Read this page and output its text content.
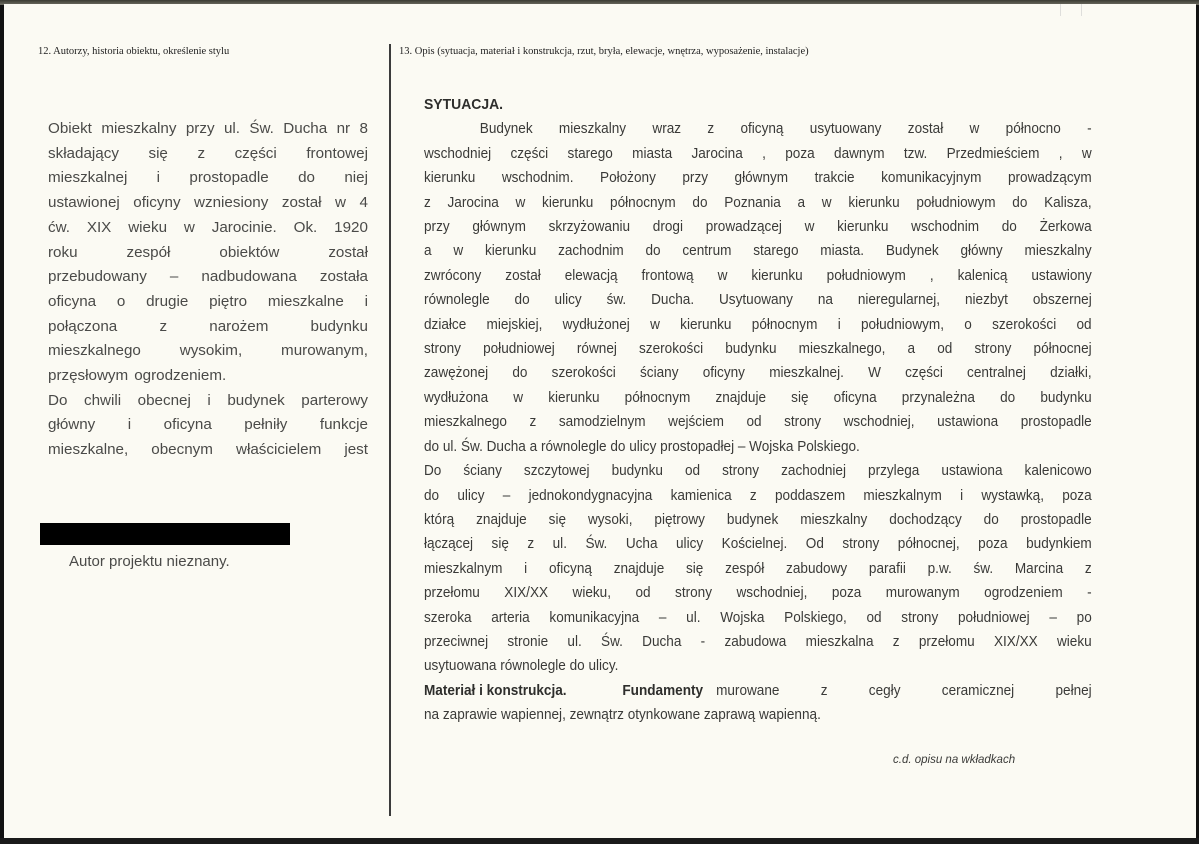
12. Autorzy, historia obiektu, określenie stylu	13. Opis (sytuacja, materiał i konstrukcja, rzut, bryła, elewacje, wnętrza, wyposażenie, instalacje)
Obiekt mieszkalny przy ul. Św. Ducha nr 8
składający się z części frontowej
mieszkalnej i prostopadle do niej
ustawionej oficyny wzniesiony został w 4
ćw. XIX wieku w Jarocinie. Ok. 1920
roku	zespół	obiektów	został
przebudowany – nadbudowana została
oficyna o drugie piętro mieszkalne i
połączona	z	narożem	budynku
mieszkalnego	wysokim,	murowanym,
przęsłowym ogrodzeniem.
Do chwili obecnej i budynek parterowy
główny i oficyna pełniły funkcje
mieszkalne, obecnym właścicielem jest
Autor projektu nieznany.
SYTUACJA.
Budynek mieszkalny wraz z oficyną usytuowany został w północno -
wschodniej części starego miasta Jarocina , poza dawnym tzw. Przedmieściem , w
kierunku wschodnim. Położony przy głównym trakcie komunikacyjnym prowadzącym
z Jarocina w kierunku północnym do Poznania a w kierunku południowym do Kalisza,
przy głównym skrzyżowaniu drogi prowadzącej w kierunku wschodnim do Żerkowa
a w kierunku zachodnim do centrum starego miasta. Budynek główny mieszkalny
zwrócony został elewacją frontową w kierunku południowym , kalenicą ustawiony
równolegle do ulicy św. Ducha. Usytuowany na nieregularnej, niezbyt obszernej
działce miejskiej, wydłużonej w kierunku północnym i południowym, o szerokości od
strony południowej równej szerokości budynku mieszkalnego, a od strony północnej
zawężonej do szerokości ściany oficyny mieszkalnej. W części centralnej działki,
wydłużona w kierunku północnym znajduje się oficyna przynależna do budynku
mieszkalnego z samodzielnym wejściem od strony wschodniej, ustawiona prostopadle
do ul. Św. Ducha a równolegle do ulicy prostopadłej – Wojska Polskiego.
Do ściany szczytowej budynku od strony zachodniej przylega ustawiona kalenicowo
do ulicy – jednokondygnacyjna kamienica z poddaszem mieszkalnym i wystawką, poza
którą znajduje się wysoki, piętrowy budynek mieszkalny dochodzący do prostopadle
łączącej się z ul. Św. Ucha ulicy Kościelnej. Od strony północnej, poza budynkiem
mieszkalnym i oficyną znajduje się zespół zabudowy parafii p.w. św. Marcina z
przełomu XIX/XX wieku, od strony wschodniej, poza murowanym ogrodzeniem -
szeroka arteria komunikacyjna – ul. Wojska Polskiego, od strony południowej – po
przeciwnej stronie ul. Św. Ducha - zabudowa mieszkalna z przełomu XIX/XX wieku
usytuowana równolegle do ulicy.
Materiał i konstrukcja.	Fundamenty murowane	z	cegły	ceramicznej	pełnej
na zaprawie wapiennej, zewnątrz otynkowane zaprawą wapienną.
c.d. opisu na wkładkach
